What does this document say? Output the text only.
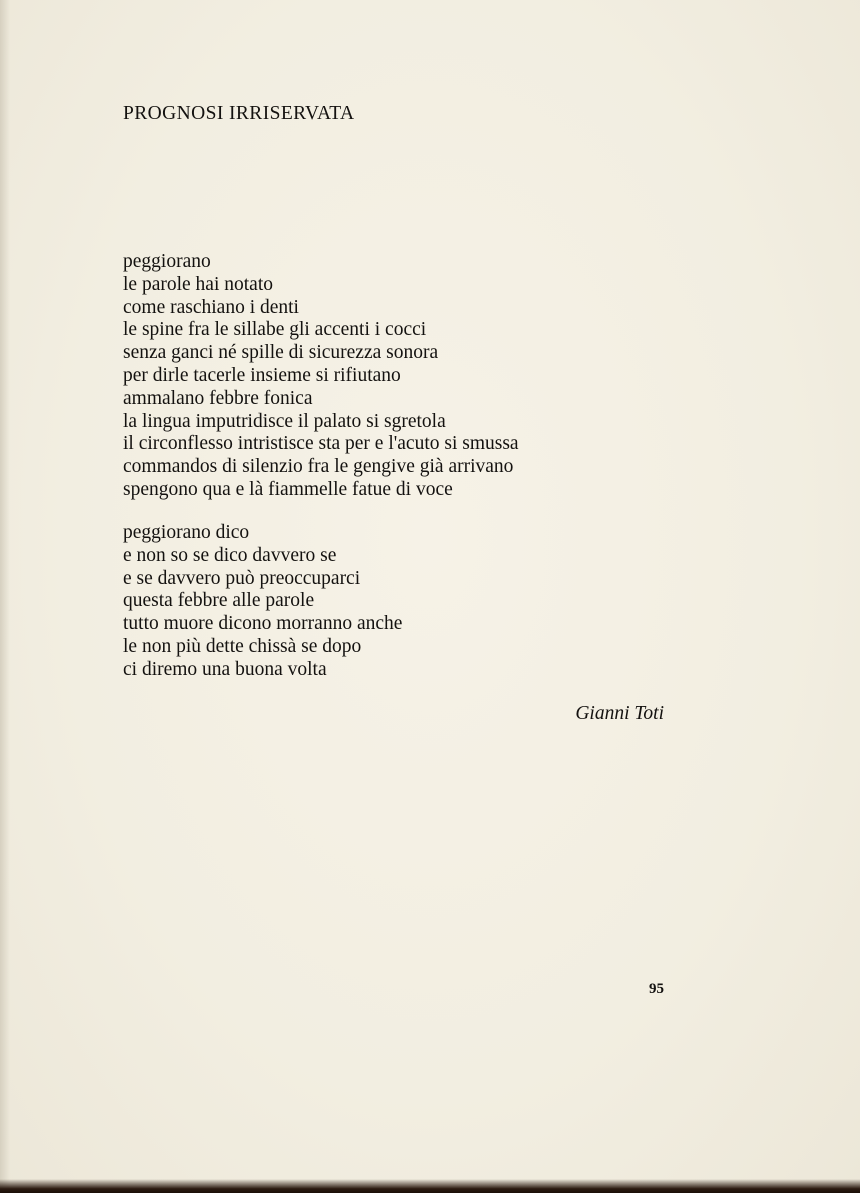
PROGNOSI IRRISERVATA
peggiorano
le parole hai notato
come raschiano i denti
le spine fra le sillabe gli accenti i cocci
senza ganci né spille di sicurezza sonora
per dirle tacerle insieme si rifiutano
ammalano febbre fonica
la lingua imputridisce il palato si sgretola
il circonflesso intristisce sta per e l'acuto si smussa
commandos di silenzio fra le gengive già arrivano
spengono qua e là fiammelle fatue di voce
peggiorano dico
e non so se dico davvero se
e se davvero può preoccuparci
questa febbre alle parole
tutto muore dicono morranno anche
le non più dette chissà se dopo
ci diremo una buona volta

Gianni Toti

95
